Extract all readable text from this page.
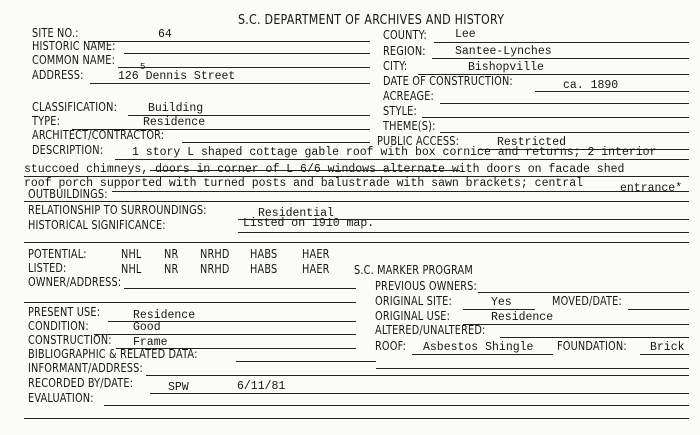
S.C. DEPARTMENT OF ARCHIVES AND HISTORY
SITE NO.:	64	COUNTY: Lee
HISTORIC NAME:	REGION:	Santee-Lynches
COMMON NAME:	CITY:	Bishopville
ADDRESS:	126 Dennis Street
5
DATE OF CONSTRUCTION:	ca. 1890
ACREAGE:
CLASSIFICATION:	Building	STYLE:
TYPE:	Residence	THEME(S):
ARCHITECT/CONTRACTOR:	PUBLIC ACCESS:	Restricted
DESCRIPTION:	1 story L shaped cottage gable roof with box cornice and returns; 2 interior
stuccoed chimneys, doors in corner of L 6/6 windows alternate with doors on facade shed
roof porch supported with turned posts and balustrade with sawn brackets; central	entrance*
OUTBUILDINGS:
RELATIONSHIP TO SURROUNDINGS:	Residential
HISTORICAL SIGNIFICANCE:	Listed on 1910 map.
POTENTIAL:	NHL NR NRHD HABS HAER
LISTED:	NHL NR NRHD HABS HAER S.C. MARKER PROGRAM
OWNER/ADDRESS:	PREVIOUS OWNERS:
ORIGINAL SITE:	Yes	MOVED/DATE:
PRESENT USE:	Residence	ORIGINAL USE:	Residence
CONDITION:	Good	ALTERED/UNALTERED:
CONSTRUCTION: Frame	ROOF: Asbestos Shingle FOUNDATION: Brick
BIBLIOGRAPHIC & RELATED DATA:
INFORMANT/ADDRESS:
RECORDED BY/DATE:	SPW	6/11/81
EVALUATION:
